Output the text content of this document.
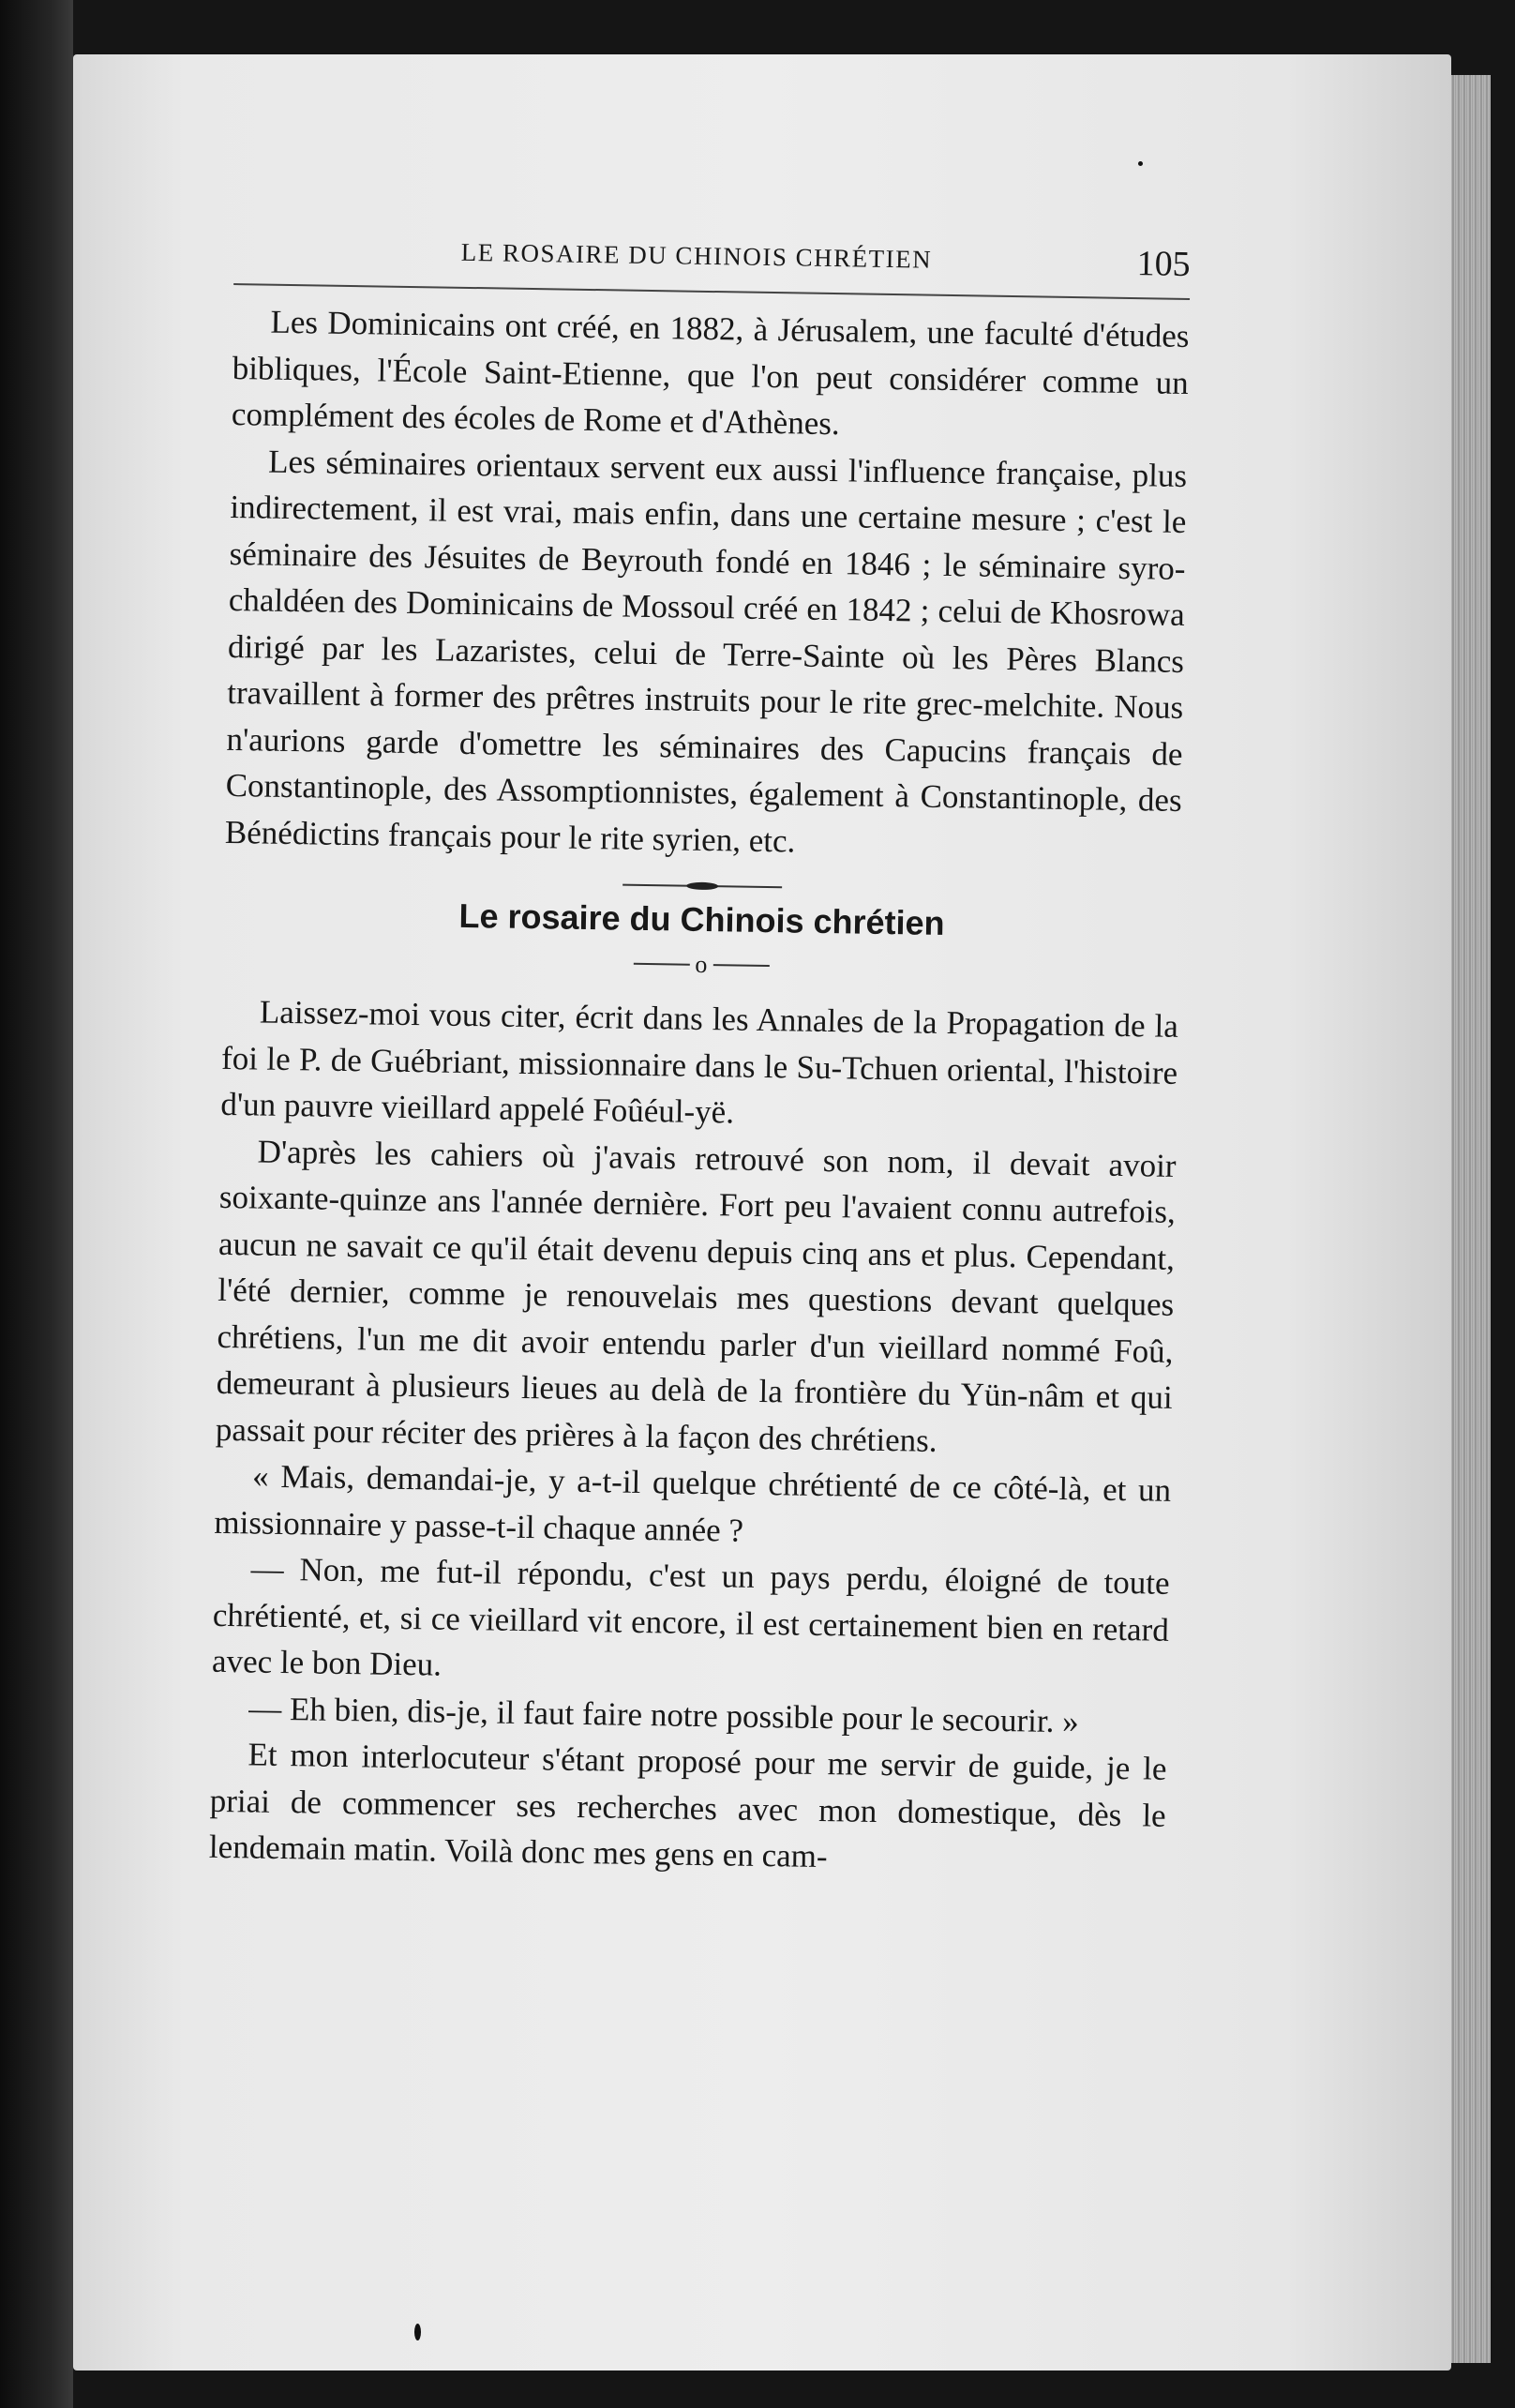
LE ROSAIRE DU CHINOIS CHRÉTIEN	105

Les Dominicains ont créé, en 1882, à Jérusalem, une faculté d'études bibliques, l'École Saint-Etienne, que l'on peut considérer comme un complément des écoles de Rome et d'Athènes.

Les séminaires orientaux servent eux aussi l'influence française, plus indirectement, il est vrai, mais enfin, dans une certaine mesure ; c'est le séminaire des Jésuites de Beyrouth fondé en 1846 ; le séminaire syro-chaldéen des Dominicains de Mossoul créé en 1842 ; celui de Khosrowa dirigé par les Lazaristes, celui de Terre-Sainte où les Pères Blancs travaillent à former des prêtres instruits pour le rite grec-melchite. Nous n'aurions garde d'omettre les séminaires des Capucins français de Constantinople, des Assomptionnistes, également à Constantinople, des Bénédictins français pour le rite syrien, etc.

Le rosaire du Chinois chrétien
o

Laissez-moi vous citer, écrit dans les Annales de la Propagation de la foi le P. de Guébriant, missionnaire dans le Su-Tchuen oriental, l'histoire d'un pauvre vieillard appelé Foûéul-yë.

D'après les cahiers où j'avais retrouvé son nom, il devait avoir soixante-quinze ans l'année dernière. Fort peu l'avaient connu autrefois, aucun ne savait ce qu'il était devenu depuis cinq ans et plus. Cependant, l'été dernier, comme je renouvelais mes questions devant quelques chrétiens, l'un me dit avoir entendu parler d'un vieillard nommé Foû, demeurant à plusieurs lieues au delà de la frontière du Yün-nâm et qui passait pour réciter des prières à la façon des chrétiens.

« Mais, demandai-je, y a-t-il quelque chrétienté de ce côté-là, et un missionnaire y passe-t-il chaque année ?

— Non, me fut-il répondu, c'est un pays perdu, éloigné de toute chrétienté, et, si ce vieillard vit encore, il est certainement bien en retard avec le bon Dieu.

— Eh bien, dis-je, il faut faire notre possible pour le secourir. »

Et mon interlocuteur s'étant proposé pour me servir de guide, je le priai de commencer ses recherches avec mon domestique, dès le lendemain matin. Voilà donc mes gens en cam-
